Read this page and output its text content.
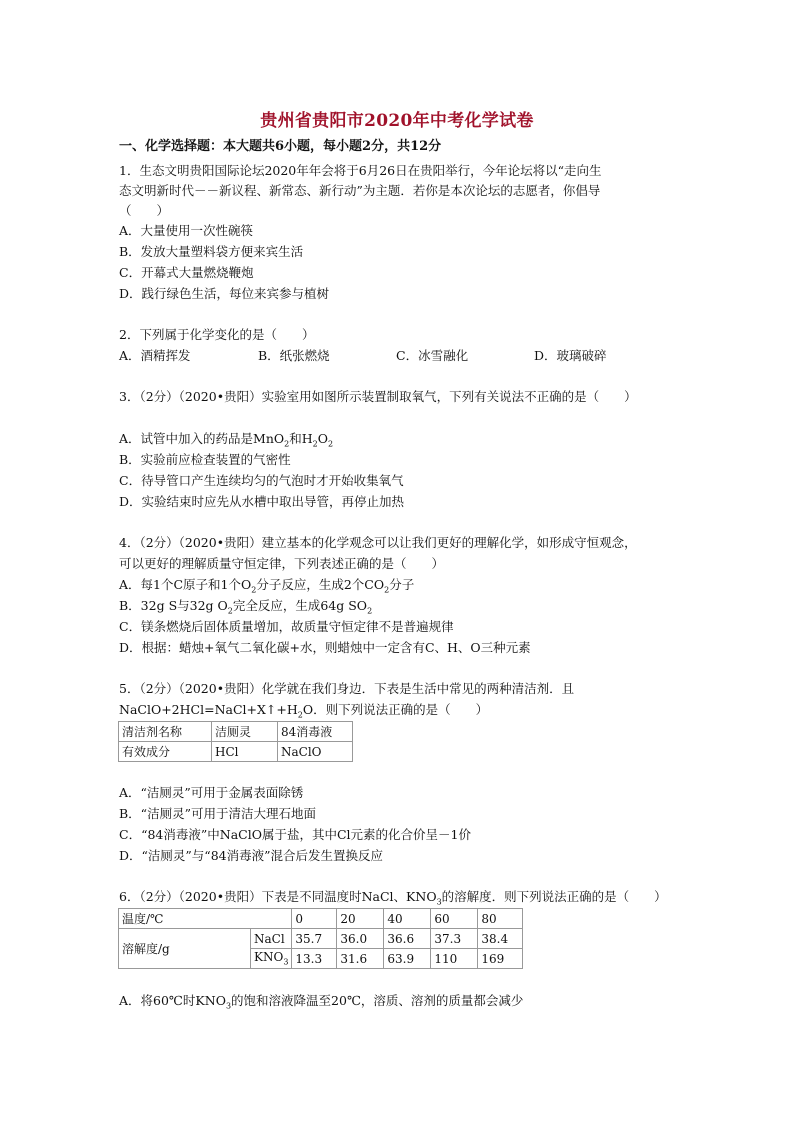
贵州省贵阳市2020年中考化学试卷
一、化学选择题：本大题共6小题，每小题2分，共12分
1．生态文明贵阳国际论坛2020年年会将于6月26日在贵阳举行，今年论坛将以“走向生
态文明新时代－－新议程、新常态、新行动”为主题．若你是本次论坛的志愿者，你倡导
（　　）
A．大量使用一次性碗筷
B．发放大量塑料袋方便来宾生活
C．开幕式大量燃烧鞭炮
D．践行绿色生活，每位来宾参与植树
2．下列属于化学变化的是（　　）
A．酒精挥发	B．纸张燃烧	C．冰雪融化	D．玻璃破碎
3．（2分）（2020•贵阳）实验室用如图所示装置制取氧气，下列有关说法不正确的是（　　）
A．试管中加入的药品是MnO$_2$和$H_2O_2$
B．实验前应检查装置的气密性
C．待导管口产生连续均匀的气泡时才开始收集氧气
D．实验结束时应先从水槽中取出导管，再停止加热
4．（2分）（2020•贵阳）建立基本的化学观念可以让我们更好的理解化学，如形成守恒观念，
可以更好的理解质量守恒定律，下列表述正确的是（　　）
A．每1个C原子和1个$O_2$分子反应，生成2个$CO_2$分子
B．32g S与32g $O_2$完全反应，生成64g $SO_2$
C．镁条燃烧后固体质量增加，故质量守恒定律不是普遍规律
D．根据：蜡烛+氧气二氧化碳+水，则蜡烛中一定含有C、H、O三种元素
5．（2分）（2020•贵阳）化学就在我们身边．下表是生活中常见的两种清洁剂．且
$NaClO+2HCl=NaCl+X↑+H_2O$．则下列说法正确的是（　　）
清洁剂名称	洁厕灵	84消毒液
有效成分	HCl	NaClO
A．“洁厕灵”可用于金属表面除锈
B．“洁厕灵”可用于清洁大理石地面
C．“84消毒液”中NaClO属于盐，其中Cl元素的化合价呈－1价
D．“洁厕灵”与“84消毒液”混合后发生置换反应
6．（2分）（2020•贵阳）下表是不同温度时NaCl、$KNO_3$的溶解度．则下列说法正确的是（　　）
温度/℃		0	20	40	60	80
溶解度/g	NaCl	35.7	36.0	36.6	37.3	38.4
	$KNO_3$	13.3	31.6	63.9	110	169
A．将60℃时$KNO_3$的饱和溶液降温至20℃，溶质、溶剂的质量都会减少
